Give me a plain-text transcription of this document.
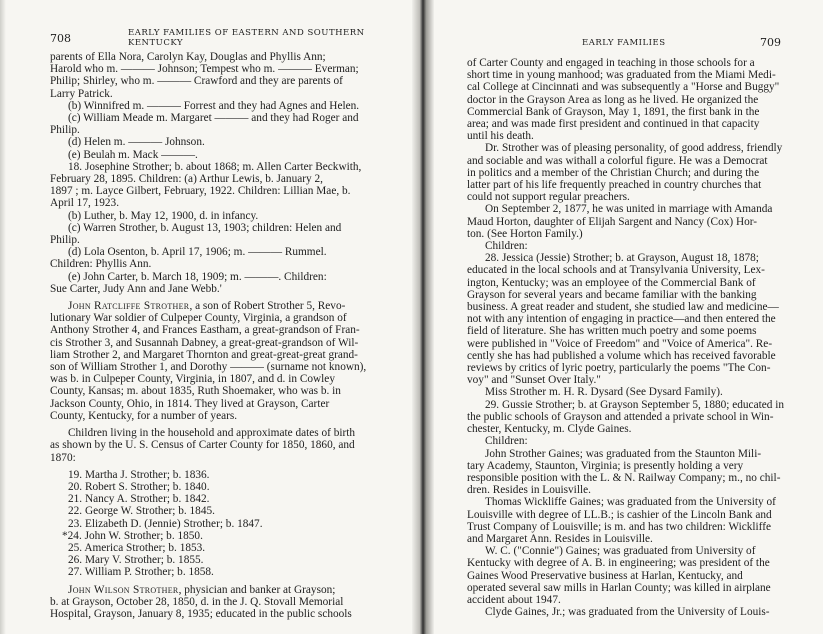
708	EARLY FAMILIES OF EASTERN AND SOUTHERN KENTUCKY

parents of Ella Nora, Carolyn Kay, Douglas and Phyllis Ann;

Harold who m. ——— Johnson; Tempest who m. ——— Everman;

Philip; Shirley, who m. ——— Crawford and they are parents of

Larry Patrick.

(b) Winnifred m. ——— Forrest and they had Agnes and Helen.

(c) William Meade m. Margaret ——— and they had Roger and

Philip.

(d) Helen m. ——— Johnson.

(e) Beulah m. Mack ———.

18. Josephine Strother; b. about 1868; m. Allen Carter Beckwith,

February 28, 1895. Children: (a) Arthur Lewis, b. January 2,

1897 ; m. Layce Gilbert, February, 1922. Children: Lillian Mae, b.

April 17, 1923.

(b) Luther, b. May 12, 1900, d. in infancy.

(c) Warren Strother, b. August 13, 1903; children: Helen and

Philip.

(d) Lola Osenton, b. April 17, 1906; m. ——— Rummel.

Children: Phyllis Ann.

(e) John Carter, b. March 18, 1909; m. ———. Children:

Sue Carter, Judy Ann and Jane Webb.'

John Ratcliffe Strother, a son of Robert Strother 5, Revo-

lutionary War soldier of Culpeper County, Virginia, a grandson of

Anthony Strother 4, and Frances Eastham, a great-grandson of Fran-

cis Strother 3, and Susannah Dabney, a great-great-grandson of Wil-

liam Strother 2, and Margaret Thornton and great-great-great grand-

son of William Strother 1, and Dorothy ——— (surname not known),

was b. in Culpeper County, Virginia, in 1807, and d. in Cowley

County, Kansas; m. about 1835, Ruth Shoemaker, who was b. in

Jackson County, Ohio, in 1814. They lived at Grayson, Carter

County, Kentucky, for a number of years.

Children living in the household and approximate dates of birth

as shown by the U. S. Census of Carter County for 1850, 1860, and

1870:

19. Martha J. Strother; b. 1836.

20. Robert S. Strother; b. 1840.

21. Nancy A. Strother; b. 1842.

22. George W. Strother; b. 1845.

23. Elizabeth D. (Jennie) Strother; b. 1847.

*24. John W. Strother; b. 1850.

25. America Strother; b. 1853.

26. Mary V. Strother; b. 1855.

27. William P. Strother; b. 1858.

John Wilson Strother, physician and banker at Grayson;

b. at Grayson, October 28, 1850, d. in the J. Q. Stovall Memorial

Hospital, Grayson, January 8, 1935; educated in the public schools

EARLY FAMILIES	709

of Carter County and engaged in teaching in those schools for a

short time in young manhood; was graduated from the Miami Medi-

cal College at Cincinnati and was subsequently a "Horse and Buggy"

doctor in the Grayson Area as long as he lived. He organized the

Commercial Bank of Grayson, May 1, 1891, the first bank in the

area; and was made first president and continued in that capacity

until his death.

Dr. Strother was of pleasing personality, of good address, friendly

and sociable and was withall a colorful figure. He was a Democrat

in politics and a member of the Christian Church; and during the

latter part of his life frequently preached in country churches that

could not support regular preachers.

On September 2, 1877, he was united in marriage with Amanda

Maud Horton, daughter of Elijah Sargent and Nancy (Cox) Hor-

ton. (See Horton Family.)

Children:

28. Jessica (Jessie) Strother; b. at Grayson, August 18, 1878;

educated in the local schools and at Transylvania University, Lex-

ington, Kentucky; was an employee of the Commercial Bank of

Grayson for several years and became familiar with the banking

business. A great reader and student, she studied law and medicine—

not with any intention of engaging in practice—and then entered the

field of literature. She has written much poetry and some poems

were published in "Voice of Freedom" and "Voice of America". Re-

cently she has had published a volume which has received favorable

reviews by critics of lyric poetry, particularly the poems "The Con-

voy" and "Sunset Over Italy."

Miss Strother m. H. R. Dysard (See Dysard Family).

29. Gussie Strother; b. at Grayson September 5, 1880; educated in

the public schools of Grayson and attended a private school in Win-

chester, Kentucky, m. Clyde Gaines.

Children:

John Strother Gaines; was graduated from the Staunton Mili-

tary Academy, Staunton, Virginia; is presently holding a very

responsible position with the L. & N. Railway Company; m., no chil-

dren. Resides in Louisville.

Thomas Wickliffe Gaines; was graduated from the University of

Louisville with degree of LL.B.; is cashier of the Lincoln Bank and

Trust Company of Louisville; is m. and has two children: Wickliffe

and Margaret Ann. Resides in Louisville.

W. C. ("Connie") Gaines; was graduated from University of

Kentucky with degree of A. B. in engineering; was president of the

Gaines Wood Preservative business at Harlan, Kentucky, and

operated several saw mills in Harlan County; was killed in airplane

accident about 1947.

Clyde Gaines, Jr.; was graduated from the University of Louis-
